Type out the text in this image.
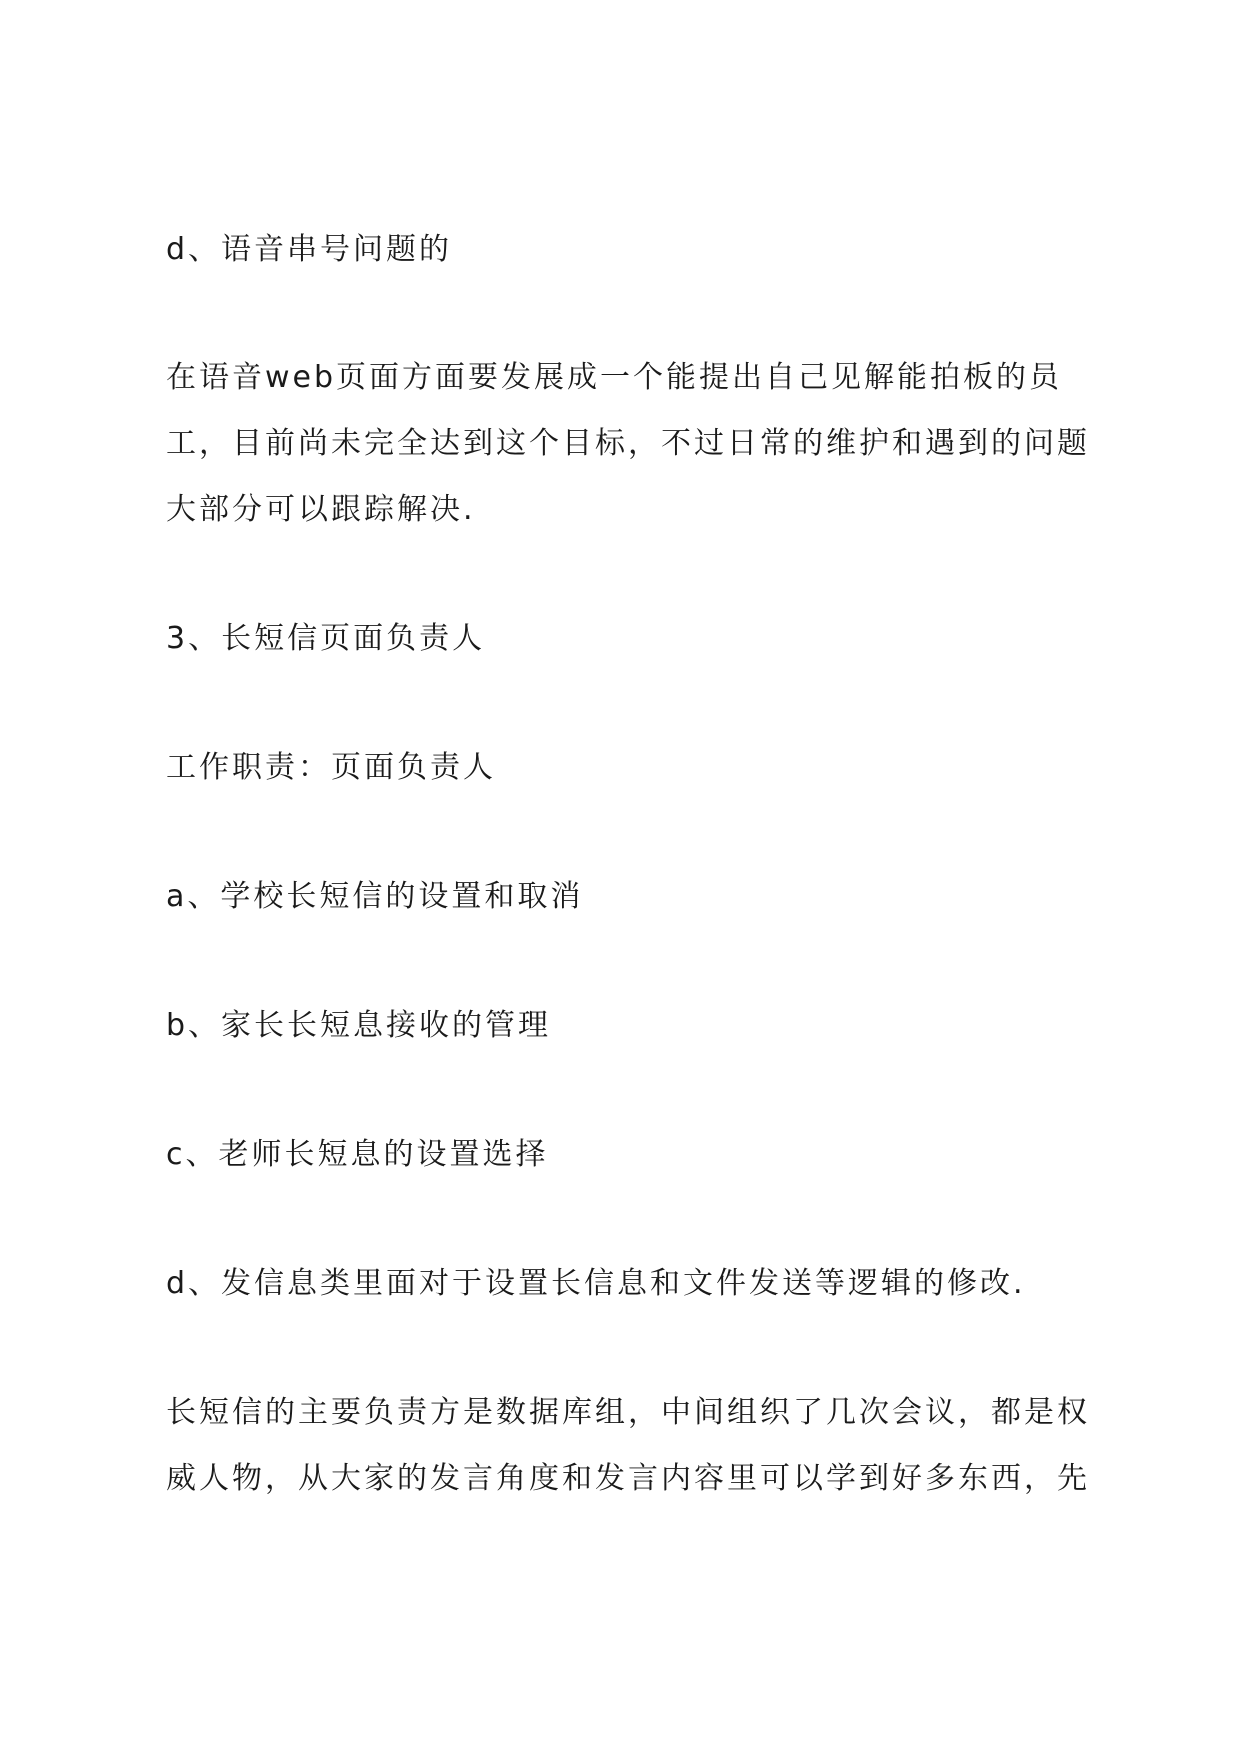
d、语音串号问题的
在语音web页面方面要发展成一个能提出自己见解能拍板的员
工，目前尚未完全达到这个目标，不过日常的维护和遇到的问题
大部分可以跟踪解决.
3、长短信页面负责人
工作职责：页面负责人
a、学校长短信的设置和取消
b、家长长短息接收的管理
c、老师长短息的设置选择
d、发信息类里面对于设置长信息和文件发送等逻辑的修改.
长短信的主要负责方是数据库组，中间组织了几次会议，都是权
威人物，从大家的发言角度和发言内容里可以学到好多东西，先
